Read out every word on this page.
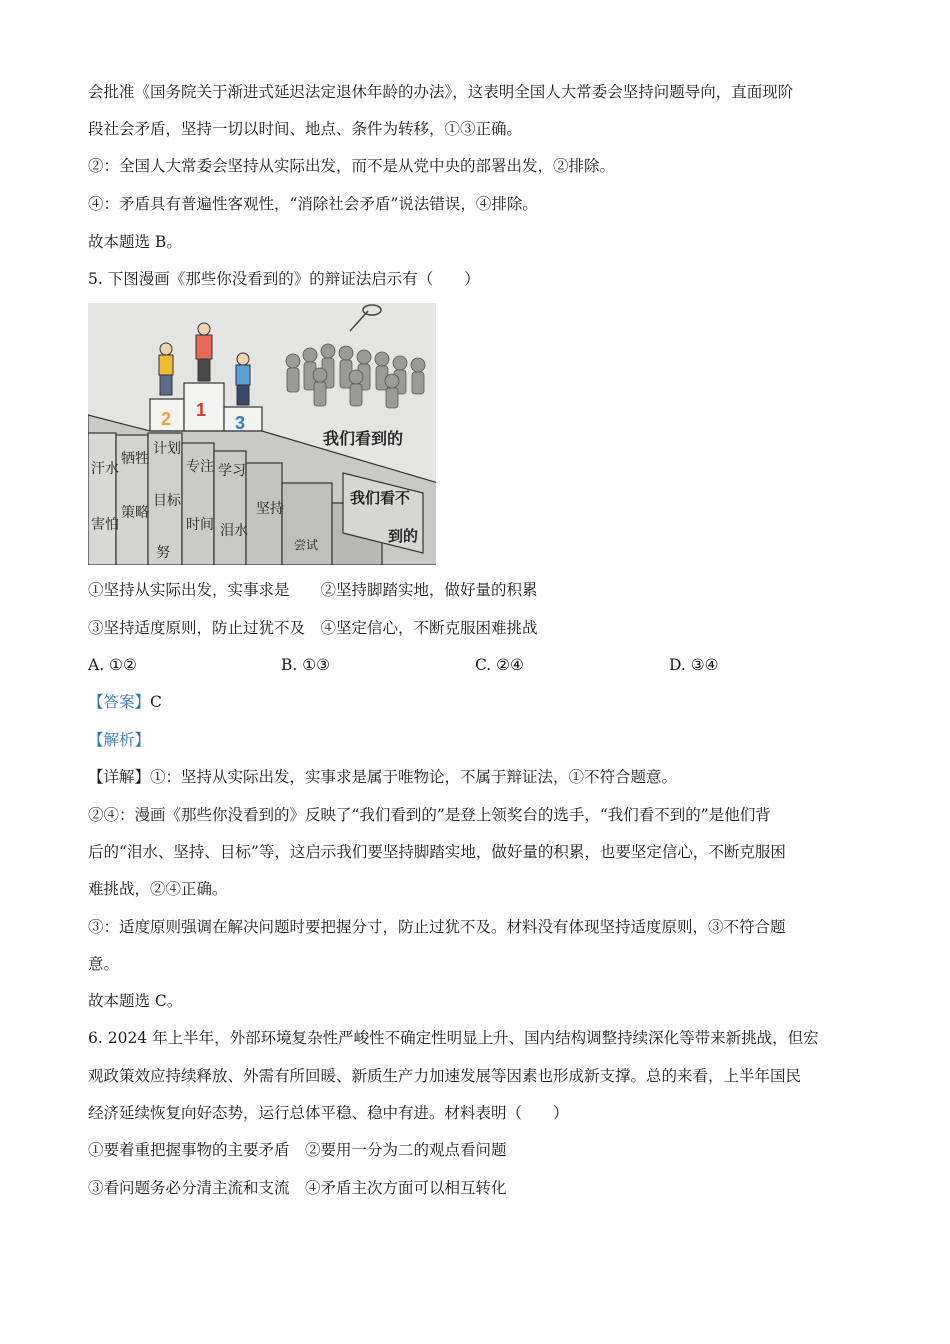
会批准《国务院关于渐进式延迟法定退休年龄的办法》，这表明全国人大常委会坚持问题导向，直面现阶
段社会矛盾，坚持一切以时间、地点、条件为转移，①③正确。
②：全国人大常委会坚持从实际出发，而不是从党中央的部署出发，②排除。
④：矛盾具有普遍性客观性，“消除社会矛盾”说法错误，④排除。
故本题选 B。
5. 下图漫画《那些你没看到的》的辩证法启示有（　　）
2 1
3
我们看到的
汗水
害怕
牺牲
策略
计划
目标
努
专注
时间
学习
泪水
坚持
尝试
我们看不
到的
①坚持从实际出发，实事求是　　②坚持脚踏实地，做好量的积累
③坚持适度原则，防止过犹不及　④坚定信心，不断克服困难挑战
A. ①②	B. ①③	C. ②④	D. ③④
【答案】C
【解析】
【详解】①：坚持从实际出发，实事求是属于唯物论，不属于辩证法，①不符合题意。
②④：漫画《那些你没看到的》反映了“我们看到的”是登上领奖台的选手，“我们看不到的”是他们背
后的“泪水、坚持、目标”等，这启示我们要坚持脚踏实地，做好量的积累，也要坚定信心，不断克服困
难挑战，②④正确。
③：适度原则强调在解决问题时要把握分寸，防止过犹不及。材料没有体现坚持适度原则，③不符合题
意。
故本题选 C。
6. 2024 年上半年，外部环境复杂性严峻性不确定性明显上升、国内结构调整持续深化等带来新挑战，但宏
观政策效应持续释放、外需有所回暖、新质生产力加速发展等因素也形成新支撑。总的来看，上半年国民
经济延续恢复向好态势，运行总体平稳、稳中有进。材料表明（　　）
①要着重把握事物的主要矛盾　②要用一分为二的观点看问题
③看问题务必分清主流和支流　④矛盾主次方面可以相互转化
